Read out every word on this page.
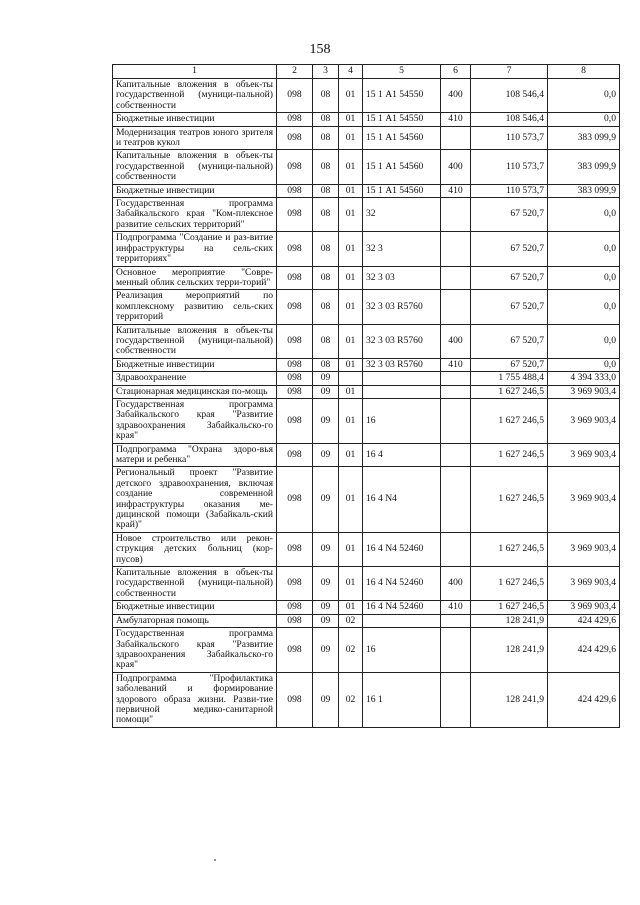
158
1	2	3	4	5	6	7	8
Капитальные вложения в объек-ты государственной (муници-пальной) собственности	098	08	01	15 1 А1 54550	400	108 546,4	0,0
Бюджетные инвестиции	098	08	01	15 1 А1 54550	410	108 546,4	0,0
Модернизация театров юного зрителя и театров кукол	098	08	01	15 1 А1 54560		110 573,7	383 099,9
Капитальные вложения в объек-ты государственной (муници-пальной) собственности	098	08	01	15 1 А1 54560	400	110 573,7	383 099,9
Бюджетные инвестиции	098	08	01	15 1 А1 54560	410	110 573,7	383 099,9
Государственная программа Забайкальского края "Ком-плексное развитие сельских территорий"	098	08	01	32		67 520,7	0,0
Подпрограмма "Создание и раз-витие инфраструктуры на сель-ских территориях"	098	08	01	32 3		67 520,7	0,0
Основное мероприятие "Совре-менный облик сельских терри-торий"	098	08	01	32 3 03		67 520,7	0,0
Реализация мероприятий по комплексному развитию сель-ских территорий	098	08	01	32 3 03 R5760		67 520,7	0,0
Капитальные вложения в объек-ты государственной (муници-пальной) собственности	098	08	01	32 3 03 R5760	400	67 520,7	0,0
Бюджетные инвестиции	098	08	01	32 3 03 R5760	410	67 520,7	0,0
Здравоохранение	098	09				1 755 488,4	4 394 333,0
Стационарная медицинская по-мощь	098	09	01			1 627 246,5	3 969 903,4
Государственная программа Забайкальского края "Развитие здравоохранения Забайкальско-го края"	098	09	01	16		1 627 246,5	3 969 903,4
Подпрограмма "Охрана здоро-вья матери и ребенка"	098	09	01	16 4		1 627 246,5	3 969 903,4
Региональный проект "Развитие детского здравоохранения, включая создание современной инфраструктуры оказания ме-дицинской помощи (Забайкаль-ский край)"	098	09	01	16 4 N4		1 627 246,5	3 969 903,4
Новое строительство или рекон-струкция детских больниц (кор-пусов)	098	09	01	16 4 N4 52460		1 627 246,5	3 969 903,4
Капитальные вложения в объек-ты государственной (муници-пальной) собственности	098	09	01	16 4 N4 52460	400	1 627 246,5	3 969 903,4
Бюджетные инвестиции	098	09	01	16 4 N4 52460	410	1 627 246,5	3 969 903,4
Амбулаторная помощь	098	09	02			128 241,9	424 429,6
Государственная программа Забайкальского края "Развитие здравоохранения Забайкальско-го края"	098	09	02	16		128 241,9	424 429,6
Подпрограмма "Профилактика заболеваний и формирование здорового образа жизни. Разви-тие первичной медико-санитарной помощи"	098	09	02	16 1		128 241,9	424 429,6
